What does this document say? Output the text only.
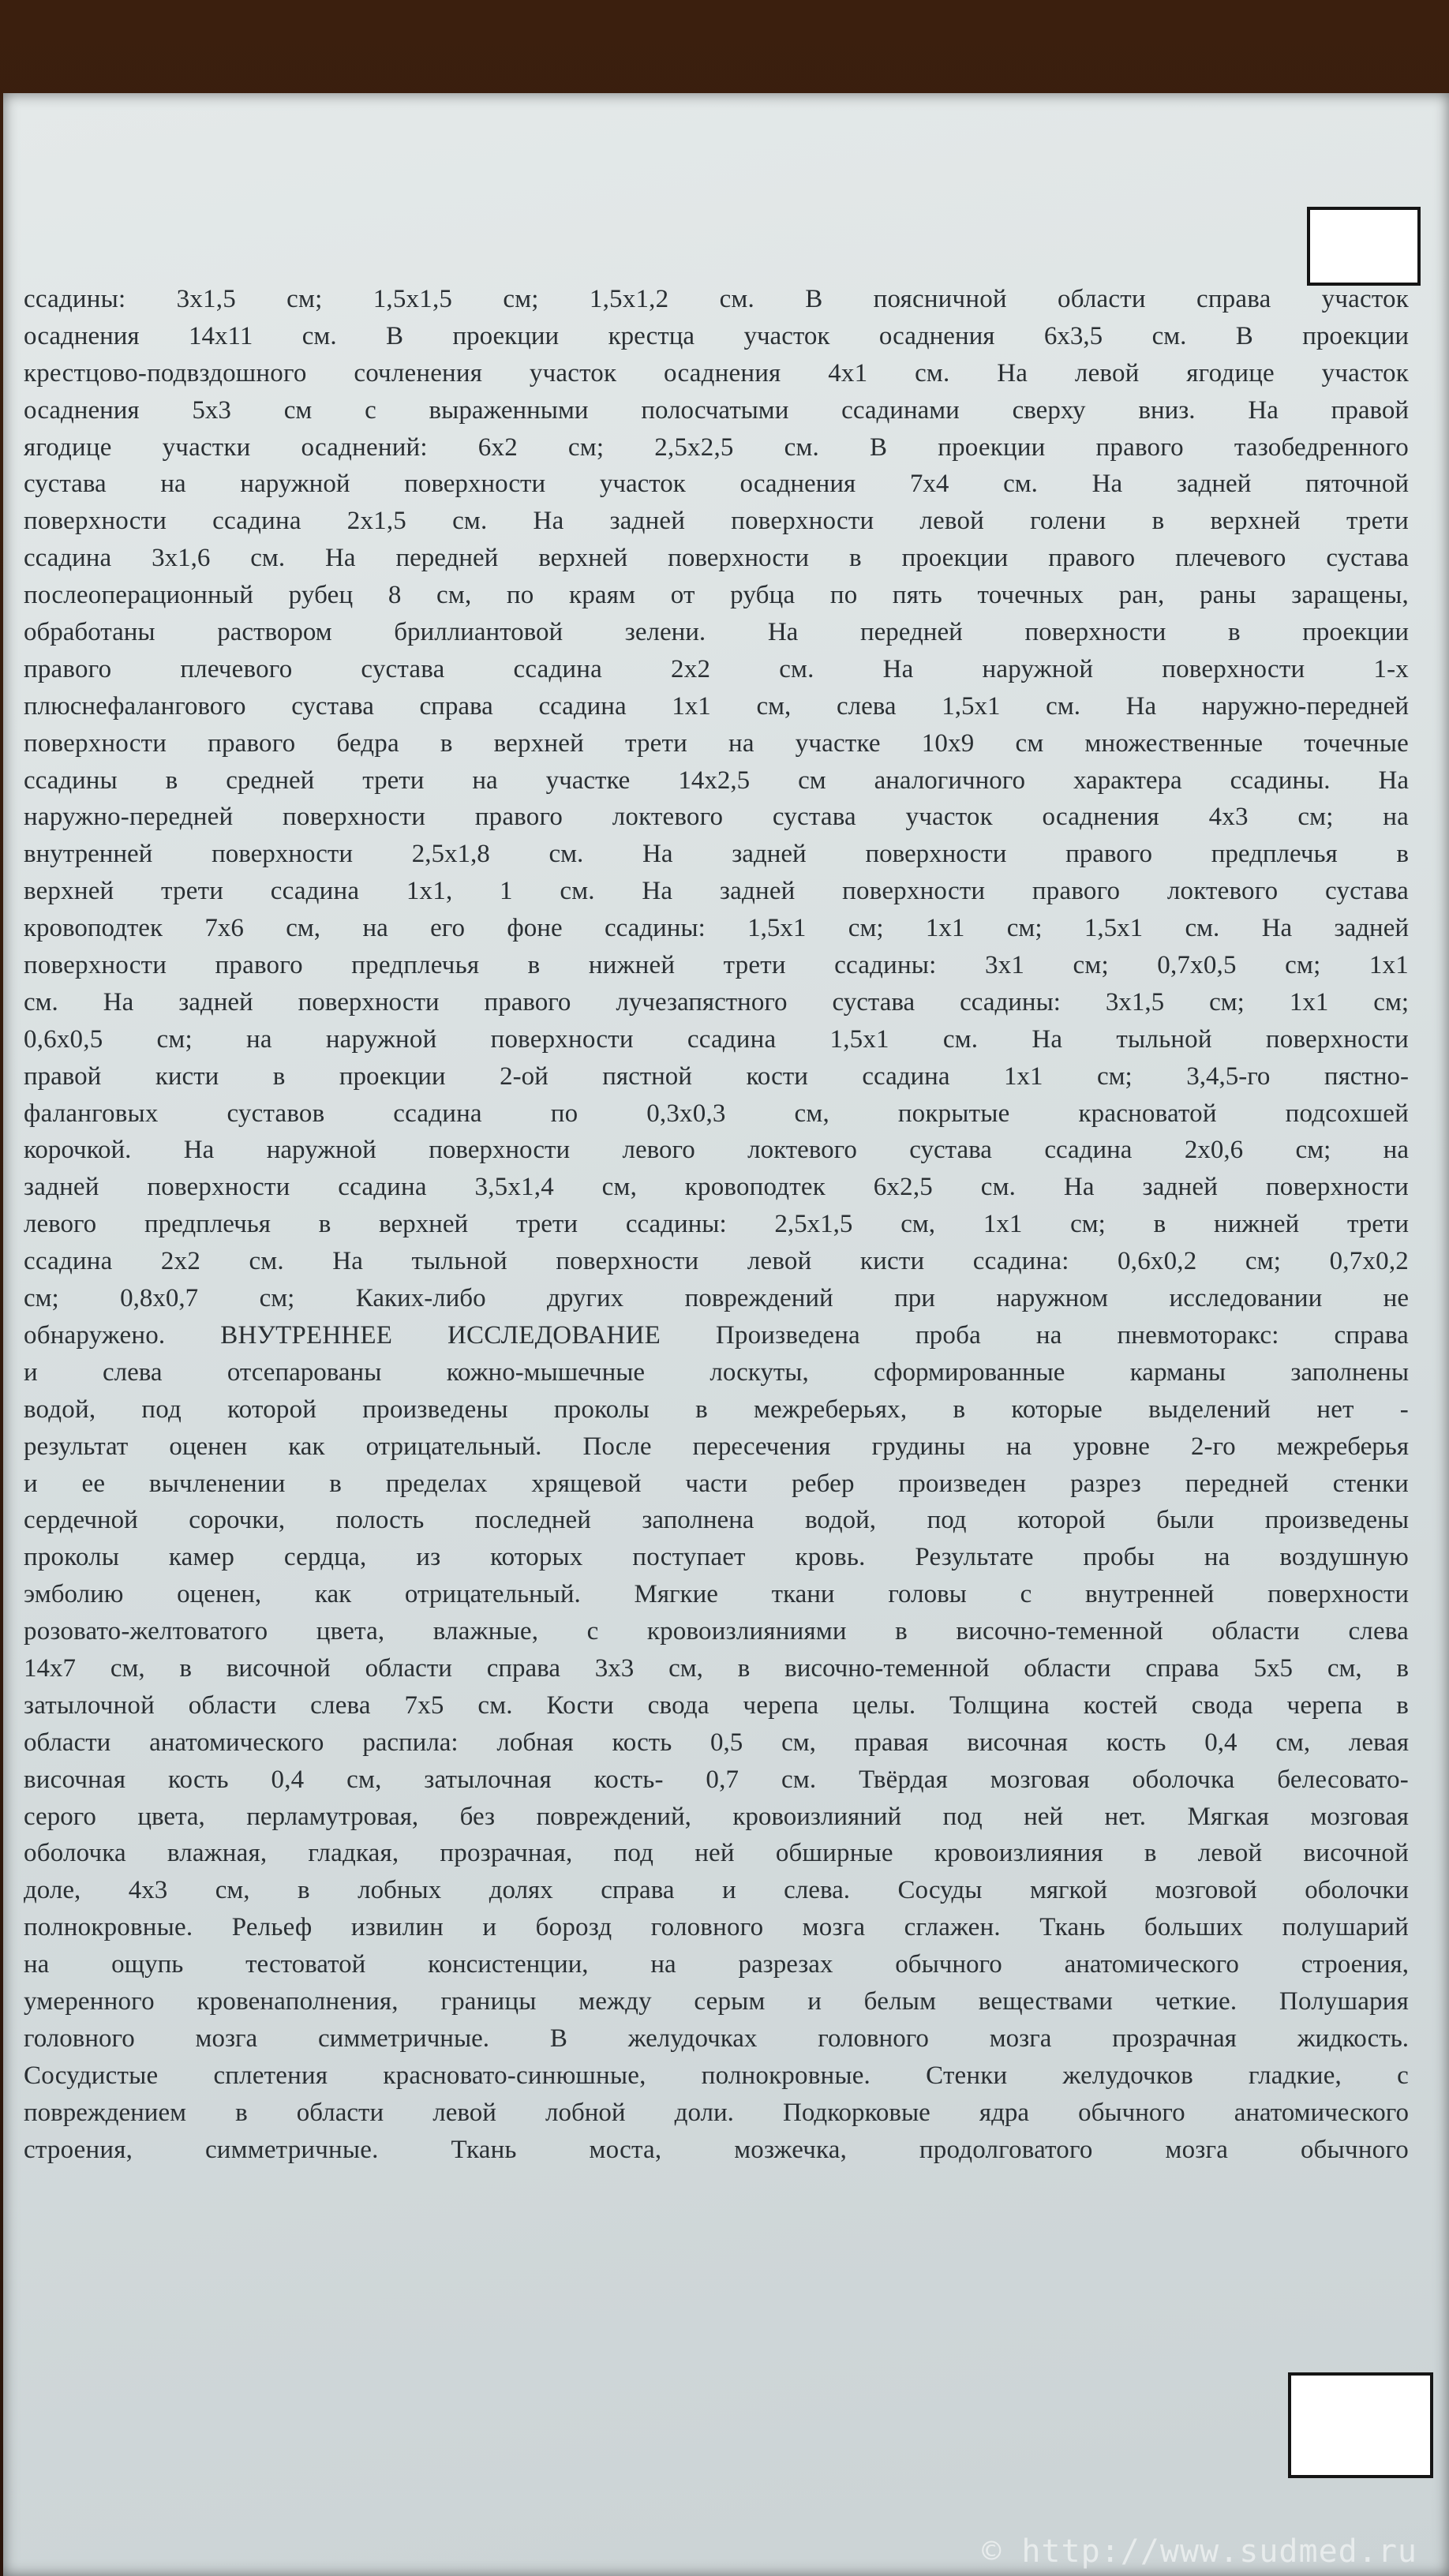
ссадины: 3х1,5 см; 1,5х1,5 см; 1,5х1,2 см. В поясничной области справа участок
осаднения 14х11 см. В проекции крестца участок осаднения 6х3,5 см. В проекции
крестцово-подвздошного сочленения участок осаднения 4х1 см. На левой ягодице участок
осаднения 5х3 см с выраженными полосчатыми ссадинами сверху вниз. На правой
ягодице участки осаднений: 6х2 см; 2,5х2,5 см. В проекции правого тазобедренного
сустава на наружной поверхности участок осаднения 7х4 см. На задней пяточной
поверхности ссадина 2х1,5 см. На задней поверхности левой голени в верхней трети
ссадина 3х1,6 см. На передней верхней поверхности в проекции правого плечевого сустава
послеоперационный рубец 8 см, по краям от рубца по пять точечных ран, раны заращены,
обработаны раствором бриллиантовой зелени. На передней поверхности в проекции
правого плечевого сустава ссадина 2х2 см. На наружной поверхности 1-х
плюснефалангового сустава справа ссадина 1х1 см, слева 1,5х1 см. На наружно-передней
поверхности правого бедра в верхней трети на участке 10х9 см множественные точечные
ссадины в средней трети на участке 14х2,5 см аналогичного характера ссадины. На
наружно-передней поверхности правого локтевого сустава участок осаднения 4х3 см; на
внутренней поверхности 2,5х1,8 см. На задней поверхности правого предплечья в
верхней трети ссадина 1х1, 1 см. На задней поверхности правого локтевого сустава
кровоподтек 7х6 см, на его фоне ссадины: 1,5х1 см; 1х1 см; 1,5х1 см. На задней
поверхности правого предплечья в нижней трети ссадины: 3х1 см; 0,7х0,5 см; 1х1
см. На задней поверхности правого лучезапястного сустава ссадины: 3х1,5 см; 1х1 см;
0,6х0,5 см; на наружной поверхности ссадина 1,5х1 см. На тыльной поверхности
правой кисти в проекции 2-ой пястной кости ссадина 1х1 см; 3,4,5-го пястно-
фаланговых суставов ссадина по 0,3х0,3 см, покрытые красноватой подсохшей
корочкой. На наружной поверхности левого локтевого сустава ссадина 2х0,6 см; на
задней поверхности ссадина 3,5х1,4 см, кровоподтек 6х2,5 см. На задней поверхности
левого предплечья в верхней трети ссадины: 2,5х1,5 см, 1х1 см; в нижней трети
ссадина 2х2 см. На тыльной поверхности левой кисти ссадина: 0,6х0,2 см; 0,7х0,2
см; 0,8х0,7 см; Каких-либо других повреждений при наружном исследовании не
обнаружено. ВНУТРЕННЕЕ ИССЛЕДОВАНИЕ Произведена проба на пневмоторакс: справа
и слева отсепарованы кожно-мышечные лоскуты, сформированные карманы заполнены
водой, под которой произведены проколы в межреберьях, в которые выделений нет -
результат оценен как отрицательный. После пересечения грудины на уровне 2-го межреберья
и ее вычленении в пределах хрящевой части ребер произведен разрез передней стенки
сердечной сорочки, полость последней заполнена водой, под которой были произведены
проколы камер сердца, из которых поступает кровь. Результате пробы на воздушную
эмболию оценен, как отрицательный. Мягкие ткани головы с внутренней поверхности
розовато-желтоватого цвета, влажные, с кровоизлияниями в височно-теменной области слева
14х7 см, в височной области справа 3х3 см, в височно-теменной области справа 5х5 см, в
затылочной области слева 7х5 см. Кости свода черепа целы. Толщина костей свода черепа в
области анатомического распила: лобная кость 0,5 см, правая височная кость 0,4 см, левая
височная кость 0,4 см, затылочная кость- 0,7 см. Твёрдая мозговая оболочка белесовато-
серого цвета, перламутровая, без повреждений, кровоизлияний под ней нет. Мягкая мозговая
оболочка влажная, гладкая, прозрачная, под ней обширные кровоизлияния в левой височной
доле, 4х3 см, в лобных долях справа и слева. Сосуды мягкой мозговой оболочки
полнокровные. Рельеф извилин и борозд головного мозга сглажен. Ткань больших полушарий
на ощупь тестоватой консистенции, на разрезах обычного анатомического строения,
умеренного кровенаполнения, границы между серым и белым веществами четкие. Полушария
головного мозга симметричные. В желудочках головного мозга прозрачная жидкость.
Сосудистые сплетения красновато-синюшные, полнокровные. Стенки желудочков гладкие, с
повреждением в области левой лобной доли. Подкорковые ядра обычного анатомического
строения, симметричные. Ткань моста, мозжечка, продолговатого мозга обычного
© http://www.sudmed.ru
